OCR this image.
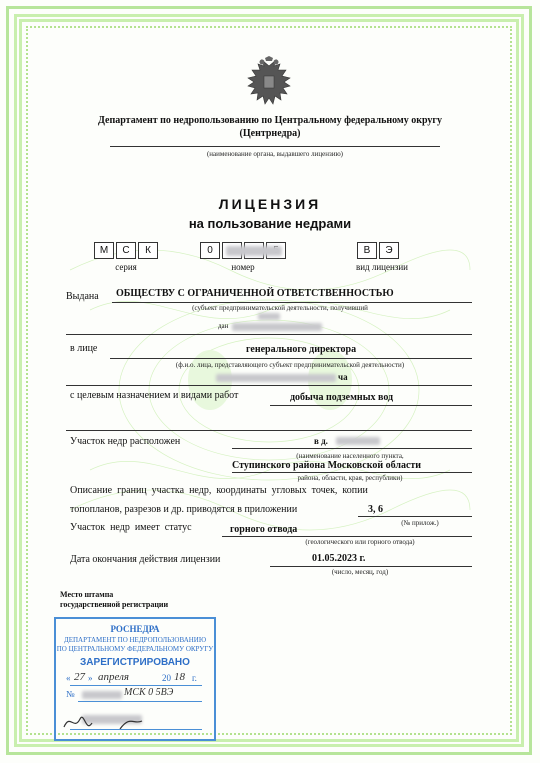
Департамент по недропользованию по Центральному федеральному округу
(Центрнедра)
(наименование органа, выдавшего лицензию)
ЛИЦЕНЗИЯ
на пользование недрами
М	С	К	0	В	Э
серия	номер	вид лицензии
Выдана ОБЩЕСТВУ С ОГРАНИЧЕННОЙ ОТВЕТСТВЕННОСТЬЮ
(субъект предпринимательской деятельности, получивший
дан
в лице	генерального директора
(ф.и.о. лица, представляющего субъект предпринимательской деятельности)
ча
с целевым назначением и видами работ	добыча подземных вод
Участок недр расположен	в д.
(наименование населенного пункта,
Ступинского района Московской области
района, области, края, республики)
Описание  границ  участка  недр,  координаты  угловых  точек,  копии
топопланов, разрезов и др. приводятся в приложении	3, 6
(№ прилож.)
Участок  недр  имеет  статус	горного отвода
(геологического или горного отвода)
Дата окончания действия лицензии	01.05.2023 г.
(число, месяц, год)
Место штампа
государственной регистрации
РОСНЕДРА
ДЕПАРТАМЕНТ ПО НЕДРОПОЛЬЗОВАНИЮ
ПО ЦЕНТРАЛЬНОМУ ФЕДЕРАЛЬНОМУ ОКРУГУ
ЗАРЕГИСТРИРОВАНО
« 27 » апреля	20 18 г.
№	МСК 0 5ВЭ
